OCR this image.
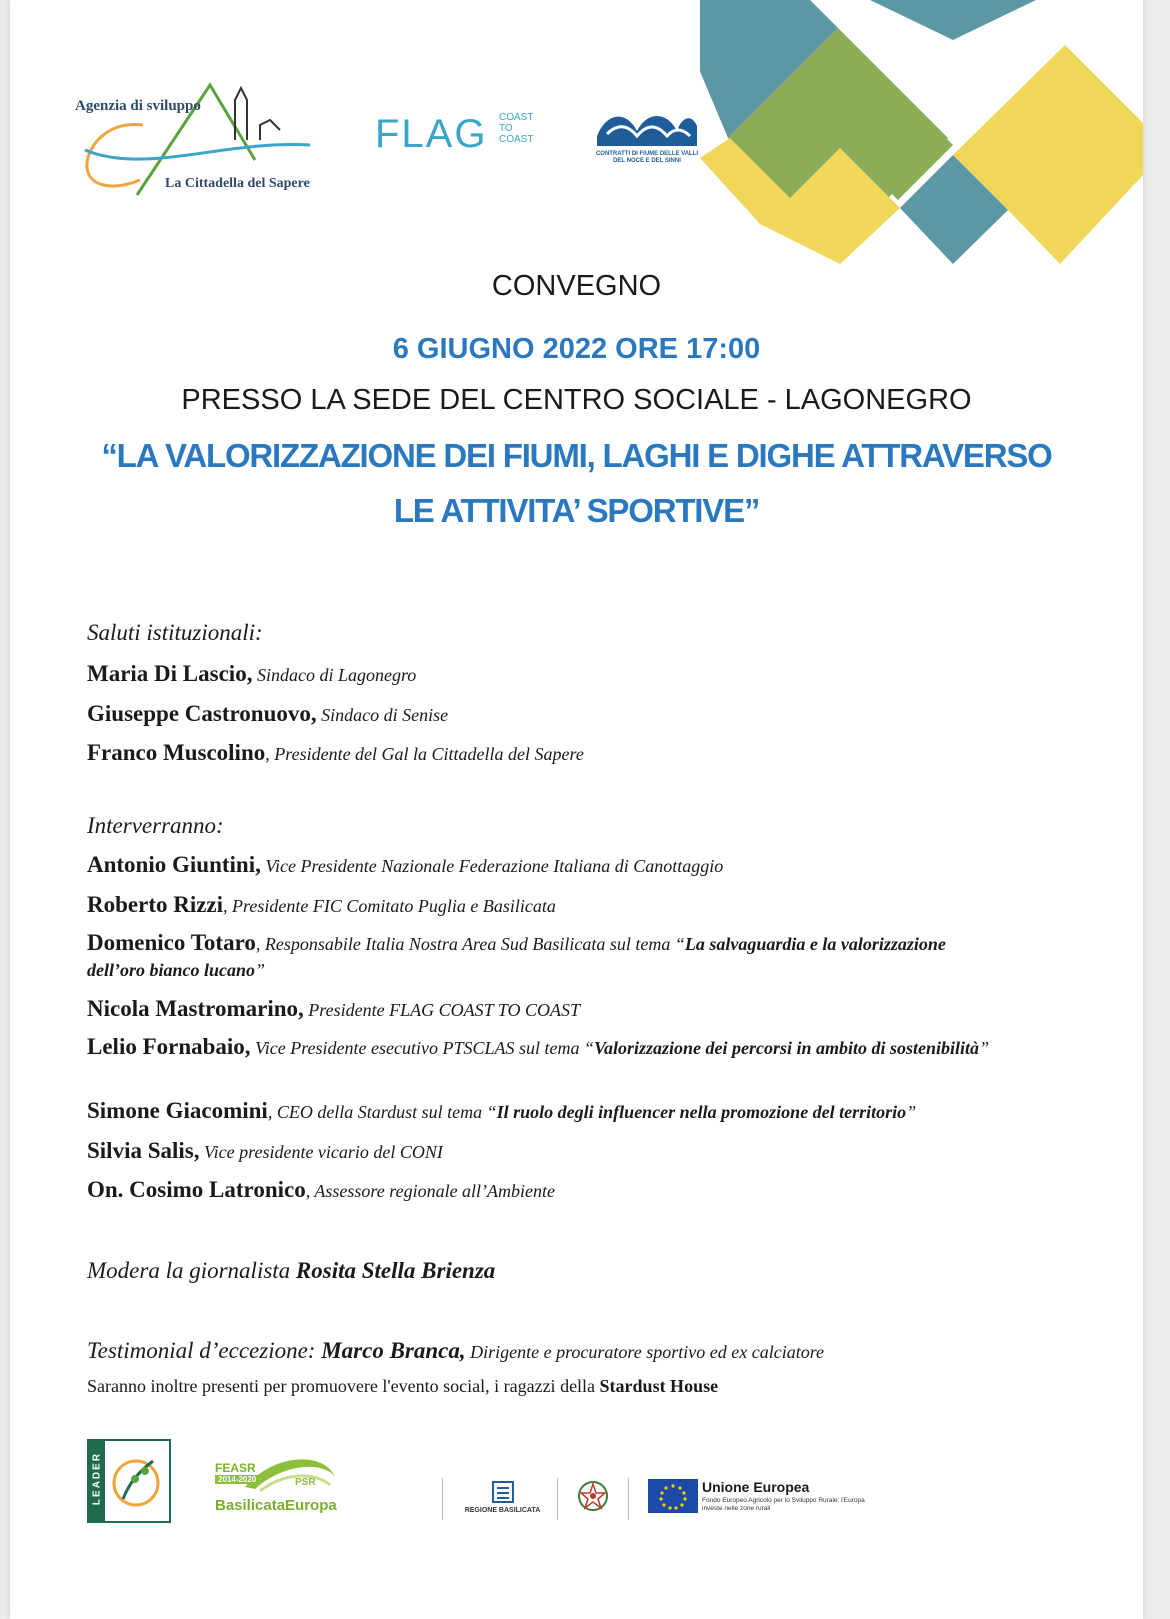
Agenzia di sviluppo
La Cittadella del Sapere
FLAG COAST TO COAST
CONTRATTI DI FIUME DELLE VALLI DEL NOCE E DEL SINNI
CONVEGNO
6 GIUGNO 2022 ORE 17:00
PRESSO LA SEDE DEL CENTRO SOCIALE - LAGONEGRO
“LA VALORIZZAZIONE DEI FIUMI, LAGHI E DIGHE ATTRAVERSO
LE ATTIVITA’ SPORTIVE”
Saluti istituzionali:
Maria Di Lascio, Sindaco di Lagonegro
Giuseppe Castronuovo, Sindaco di Senise
Franco Muscolino, Presidente del Gal la Cittadella del Sapere
Interverranno:
Antonio Giuntini, Vice Presidente Nazionale Federazione Italiana di Canottaggio
Roberto Rizzi, Presidente FIC Comitato Puglia e Basilicata
Domenico Totaro, Responsabile Italia Nostra Area Sud Basilicata sul tema “La salvaguardia e la valorizzazione dell’oro bianco lucano”
Nicola Mastromarino, Presidente FLAG COAST TO COAST
Lelio Fornabaio, Vice Presidente esecutivo PTSCLAS sul tema “Valorizzazione dei percorsi in ambito di sostenibilità”
Simone Giacomini, CEO della Stardust sul tema “Il ruolo degli influencer nella promozione del territorio”
Silvia Salis, Vice presidente vicario del CONI
On. Cosimo Latronico, Assessore regionale all’Ambiente
Modera la giornalista Rosita Stella Brienza
Testimonial d’eccezione: Marco Branca, Dirigente e procuratore sportivo ed ex calciatore
Saranno inoltre presenti per promuovere l'evento social, i ragazzi della Stardust House
LEADER	FEASR
2014-2020	PSR
BasilicataEuropa	REGIONE BASILICATA
Unione Europea
Fondo Europeo Agricolo per lo Sviluppo Rurale: l'Europa investe nelle zone rurali
